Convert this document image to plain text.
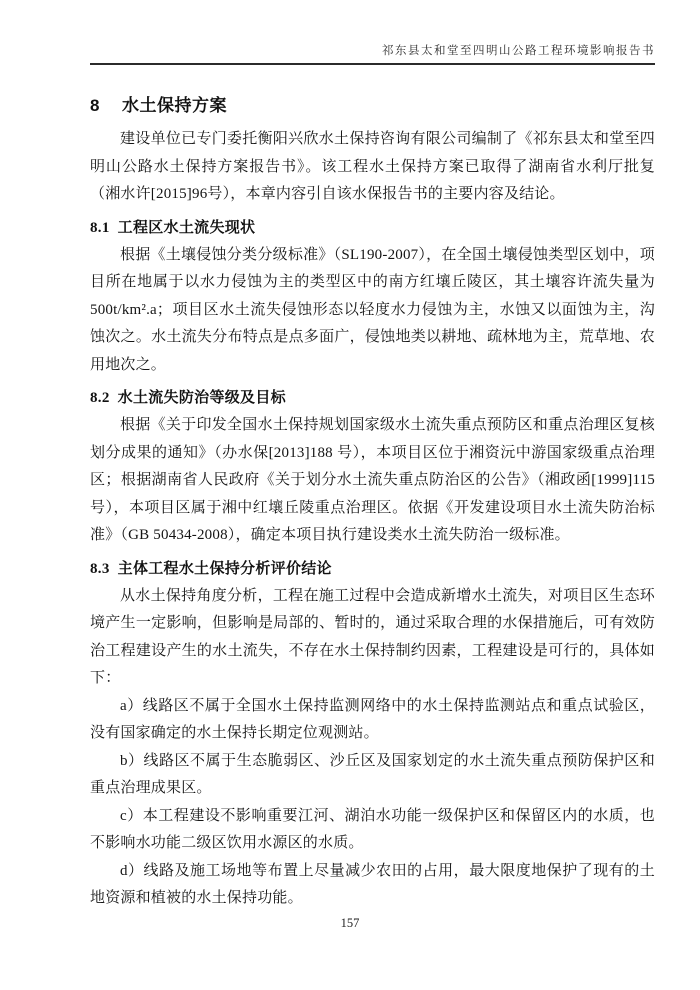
祁东县太和堂至四明山公路工程环境影响报告书
8 水土保持方案

建设单位已专门委托衡阳兴欣水土保持咨询有限公司编制了《祁东县太和堂至四明山公路水土保持方案报告书》。该工程水土保持方案已取得了湖南省水利厅批复（湘水许[2015]96号），本章内容引自该水保报告书的主要内容及结论。

8.1 工程区水土流失现状

根据《土壤侵蚀分类分级标准》（SL190-2007），在全国土壤侵蚀类型区划中，项目所在地属于以水力侵蚀为主的类型区中的南方红壤丘陵区，其土壤容许流失量为500t/km².a；项目区水土流失侵蚀形态以轻度水力侵蚀为主，水蚀又以面蚀为主，沟蚀次之。水土流失分布特点是点多面广，侵蚀地类以耕地、疏林地为主，荒草地、农用地次之。

8.2 水土流失防治等级及目标

根据《关于印发全国水土保持规划国家级水土流失重点预防区和重点治理区复核划分成果的通知》（办水保[2013]188 号），本项目区位于湘资沅中游国家级重点治理区；根据湖南省人民政府《关于划分水土流失重点防治区的公告》（湘政函[1999]115号），本项目区属于湘中红壤丘陵重点治理区。依据《开发建设项目水土流失防治标准》（GB 50434-2008），确定本项目执行建设类水土流失防治一级标准。

8.3 主体工程水土保持分析评价结论

从水土保持角度分析，工程在施工过程中会造成新增水土流失，对项目区生态环境产生一定影响，但影响是局部的、暂时的，通过采取合理的水保措施后，可有效防治工程建设产生的水土流失，不存在水土保持制约因素，工程建设是可行的，具体如下：

a）线路区不属于全国水土保持监测网络中的水土保持监测站点和重点试验区，没有国家确定的水土保持长期定位观测站。

b）线路区不属于生态脆弱区、沙丘区及国家划定的水土流失重点预防保护区和重点治理成果区。

c）本工程建设不影响重要江河、湖泊水功能一级保护区和保留区内的水质，也不影响水功能二级区饮用水源区的水质。

d）线路及施工场地等布置上尽量减少农田的占用，最大限度地保护了现有的土地资源和植被的水土保持功能。

157
